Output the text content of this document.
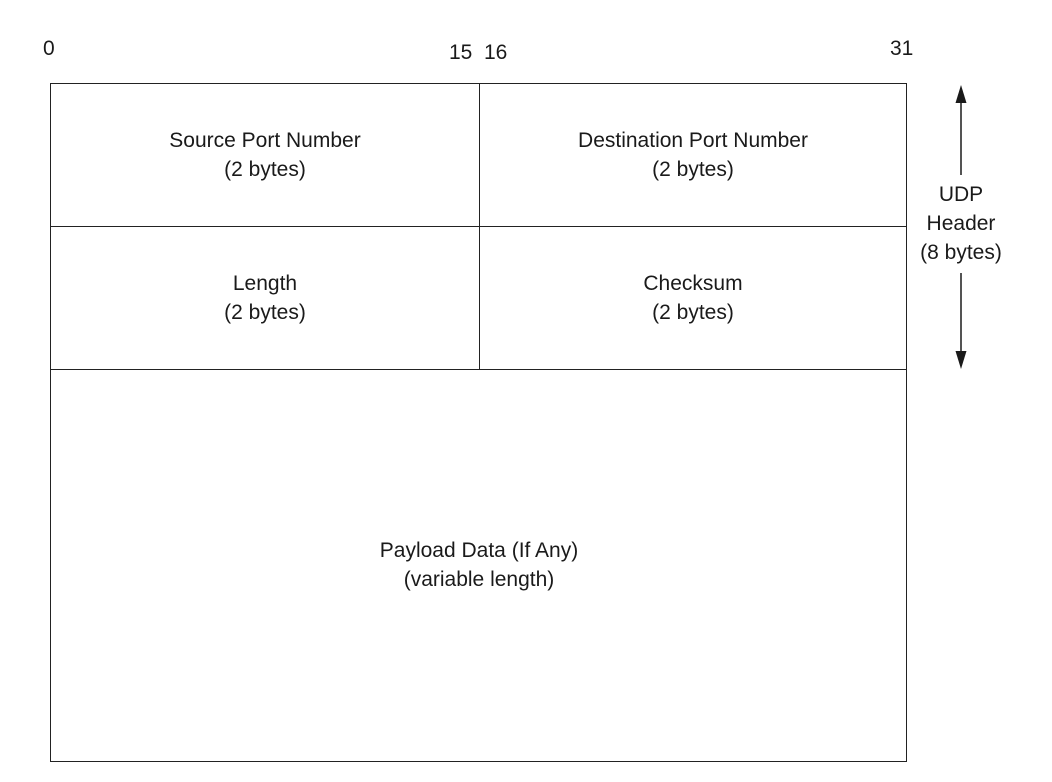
0	15 16	31
Source Port Number
(2 bytes)
Destination Port Number
(2 bytes)
Length
(2 bytes)
Checksum
(2 bytes)
Payload Data (If Any)
(variable length)
UDP
Header
(8 bytes)
